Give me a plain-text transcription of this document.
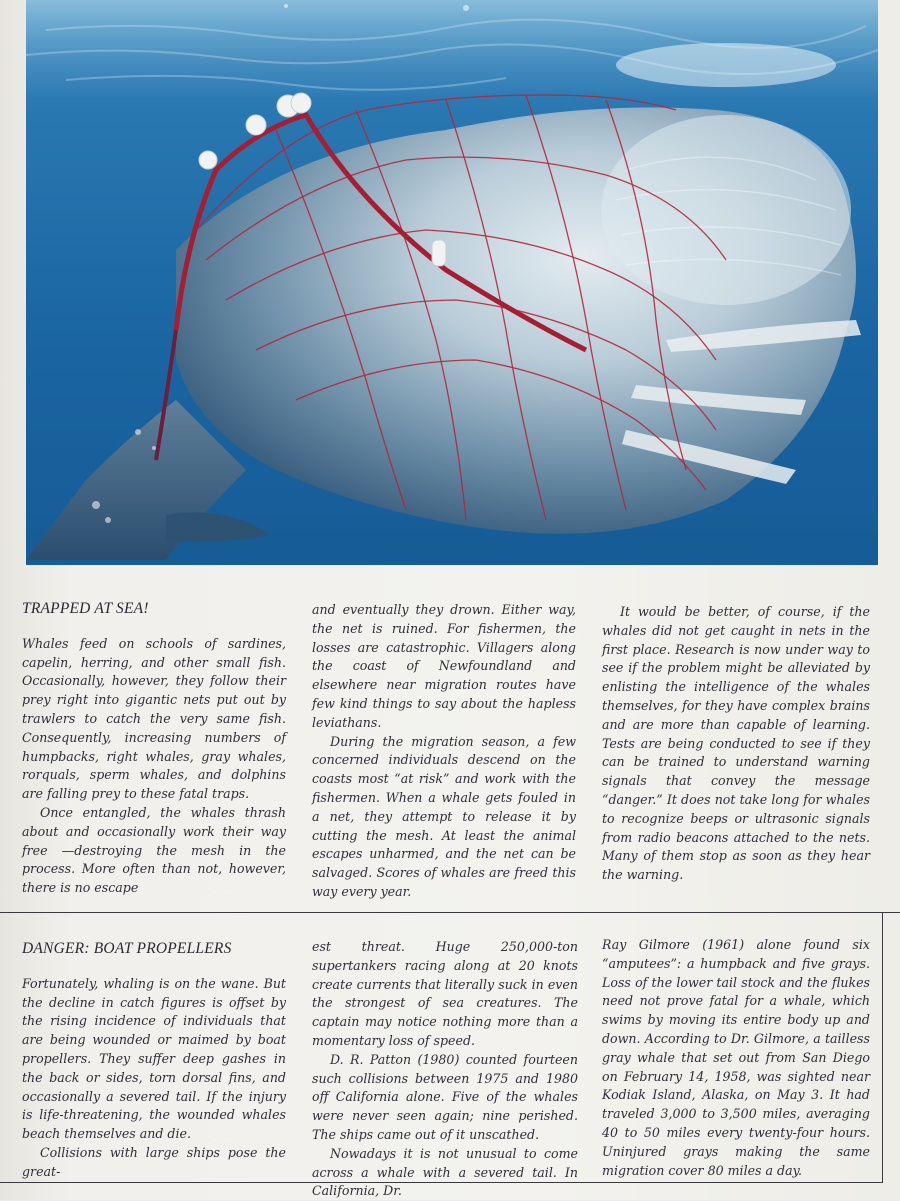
TRAPPED AT SEA!

Whales feed on schools of sardines, capelin, herring, and other small fish. Occasionally, however, they follow their prey right into gigantic nets put out by trawlers to catch the very same fish. Consequently, increasing numbers of humpbacks, right whales, gray whales, rorquals, sperm whales, and dolphins are falling prey to these fatal traps.

Once entangled, the whales thrash about and occasionally work their way free —destroying the mesh in the process. More often than not, however, there is no escape

and eventually they drown. Either way, the net is ruined. For fishermen, the losses are catastrophic. Villagers along the coast of Newfoundland and elsewhere near migration routes have few kind things to say about the hapless leviathans.

During the migration season, a few concerned individuals descend on the coasts most “at risk” and work with the fishermen. When a whale gets fouled in a net, they attempt to release it by cutting the mesh. At least the animal escapes unharmed, and the net can be salvaged. Scores of whales are freed this way every year.

It would be better, of course, if the whales did not get caught in nets in the first place. Research is now under way to see if the problem might be alleviated by enlisting the intelligence of the whales themselves, for they have complex brains and are more than capable of learning. Tests are being conducted to see if they can be trained to understand warning signals that convey the message “danger.” It does not take long for whales to recognize beeps or ultrasonic signals from radio beacons attached to the nets. Many of them stop as soon as they hear the warning.

DANGER: BOAT PROPELLERS

Fortunately, whaling is on the wane. But the decline in catch figures is offset by the rising incidence of individuals that are being wounded or maimed by boat propellers. They suffer deep gashes in the back or sides, torn dorsal fins, and occasionally a severed tail. If the injury is life-threatening, the wounded whales beach themselves and die.

Collisions with large ships pose the great-

est threat. Huge 250,000-ton supertankers racing along at 20 knots create currents that literally suck in even the strongest of sea creatures. The captain may notice nothing more than a momentary loss of speed.

D. R. Patton (1980) counted fourteen such collisions between 1975 and 1980 off California alone. Five of the whales were never seen again; nine perished. The ships came out of it unscathed.

Nowadays it is not unusual to come across a whale with a severed tail. In California, Dr.

Ray Gilmore (1961) alone found six “amputees”: a humpback and five grays. Loss of the lower tail stock and the flukes need not prove fatal for a whale, which swims by moving its entire body up and down. According to Dr. Gilmore, a tailless gray whale that set out from San Diego on February 14, 1958, was sighted near Kodiak Island, Alaska, on May 3. It had traveled 3,000 to 3,500 miles, averaging 40 to 50 miles every twenty-four hours. Uninjured grays making the same migration cover 80 miles a day.
